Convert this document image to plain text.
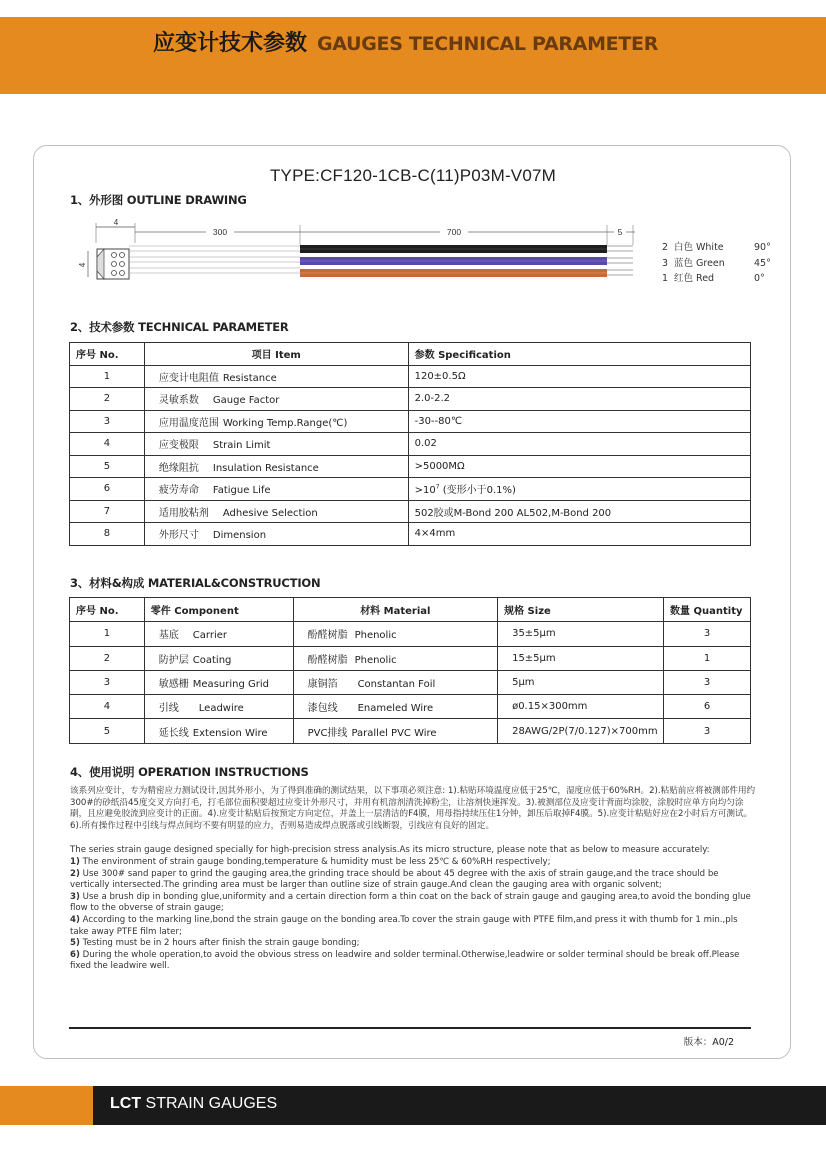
应变计技术参数 GAUGES TECHNICAL PARAMETER
TYPE:CF120-1CB-C(11)P03M-V07M
1、外形图 OUTLINE DRAWING
4
4
300	700	5
2 白色 White	90°
3 蓝色 Green	45°
1 红色 Red	0°
2、技术参数 TECHNICAL PARAMETER
序号 No.	项目 Item	参数 Specification
1	应变计电阻值 Resistance	120±0.5Ω
2	灵敏系数 Gauge Factor	2.0-2.2
3	应用温度范围 Working Temp.Range(℃)	-30--80℃
4	应变极限 Strain Limit	0.02
5	绝缘阻抗 Insulation Resistance	>5000MΩ
6	疲劳寿命 Fatigue Life	$>10^7$ (变形小于0.1%)
7	适用胶粘剂 Adhesive Selection	502胶或M-Bond 200 AL502,M-Bond 200
8	外形尺寸 Dimension	4×4mm
3、材料&构成 MATERIAL&CONSTRUCTION
序号 No.	零件 Component	材料 Material	规格 Size	数量 Quantity
1	基底 Carrier	酚醛树脂 Phenolic	35±5μm	3
2	防护层 Coating	酚醛树脂 Phenolic	15±5μm	1
3	敏感栅 Measuring Grid	康铜箔 Constantan Foil	5μm	3
4	引线 Leadwire	漆包线 Enameled Wire	ø0.15×300mm	6
5	延长线 Extension Wire	PVC排线 Parallel PVC Wire	28AWG/2P(7/0.127)×700mm	3
4、使用说明 OPERATION INSTRUCTIONS

该系列应变计，专为精密应力测试设计,因其外形小，为了得到准确的测试结果，以下事项必须注意: 1).粘贴环境温度应低于25℃，湿度应低于60%RH。2).粘贴前应将被测部件用约300#的砂纸沿45度交叉方向打毛，打毛部位面积要超过应变计外形尺寸，并用有机溶剂清洗掉粉尘，让溶剂快速挥发。3).被测部位及应变计背面均涂胶，涂胶时应单方向均匀涂刷，且应避免胶流到应变计的正面。4).应变计粘贴后按预定方向定位，并盖上一层清洁的F4膜，用母指持续压住1分钟，卸压后取掉F4膜。5).应变计粘贴好应在2小时后方可测试。6).所有操作过程中引线与焊点间均不要有明显的应力，否则易造成焊点脱落或引线断裂，引线应有良好的固定。

The series strain gauge designed specially for high-precision stress analysis.As its micro structure, please note that as below to measure accurately:

1) The environment of strain gauge bonding,temperature & humidity must be less 25℃ & 60%RH respectively;

2) Use 300# sand paper to grind the gauging area,the grinding trace should be about 45 degree with the axis of strain gauge,and the trace should be vertically intersected.The grinding area must be larger than outline size of strain gauge.And clean the gauging area with organic solvent;

3) Use a brush dip in bonding glue,uniformity and a certain direction form a thin coat on the back of strain gauge and gauging area,to avoid the bonding glue flow to the obverse of strain gauge;

4) According to the marking line,bond the strain gauge on the bonding area.To cover the strain gauge with PTFE film,and press it with thumb for 1 min.,pls take away PTFE film later;

5) Testing must be in 2 hours after finish the strain gauge bonding;

6) During the whole operation,to avoid the obvious stress on leadwire and solder terminal.Otherwise,leadwire or solder terminal should be break off.Please fixed the leadwire well.

版本：A0/2
LCT STRAIN GAUGES
